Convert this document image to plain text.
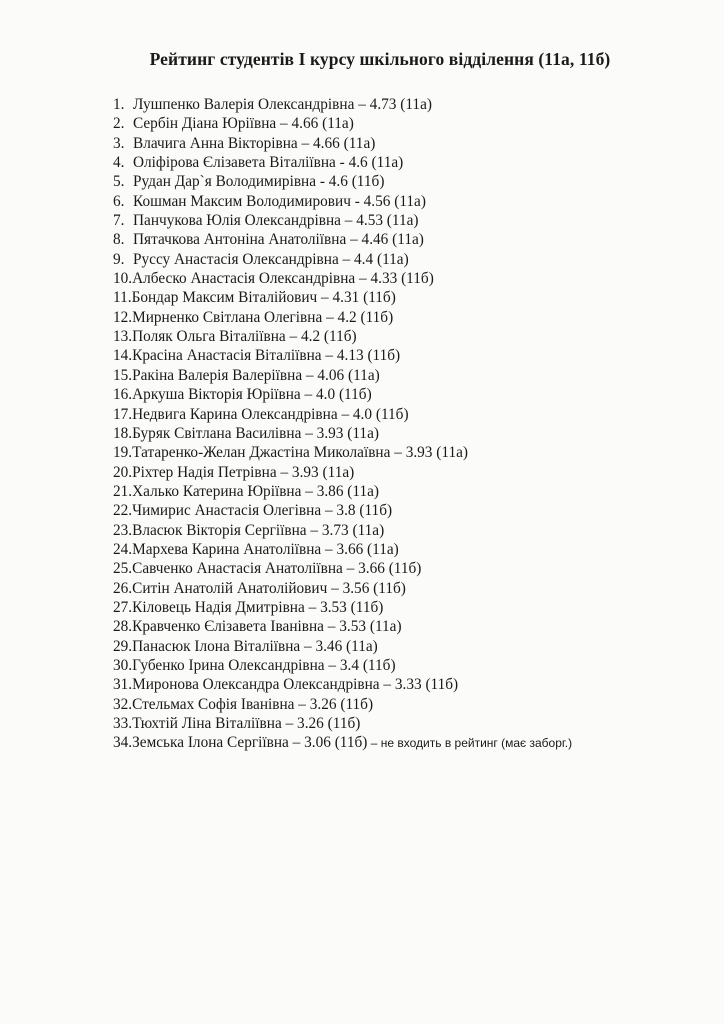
Рейтинг студентів І курсу шкільного відділення (11а, 11б)
1. Лушпенко Валерія Олександрівна – 4.73 (11а)
2. Сербін Діана Юріївна – 4.66 (11а)
3. Влачига Анна Вікторівна – 4.66 (11а)
4. Оліфірова Єлізавета Віталіївна - 4.6 (11а)
5. Рудан Дар`я Володимирівна - 4.6 (11б)
6. Кошман Максим Володимирович - 4.56 (11а)
7. Панчукова Юлія Олександрівна – 4.53 (11а)
8. Пятачкова Антоніна Анатоліївна – 4.46 (11а)
9. Руссу Анастасія Олександрівна – 4.4 (11а)
10.Албеско Анастасія Олександрівна – 4.33 (11б)
11.Бондар Максим Віталійович – 4.31 (11б)
12.Мирненко Світлана Олегівна – 4.2 (11б)
13.Поляк Ольга Віталіївна – 4.2 (11б)
14.Красіна Анастасія Віталіївна – 4.13 (11б)
15.Ракіна Валерія Валеріївна – 4.06 (11а)
16.Аркуша Вікторія Юріївна – 4.0 (11б)
17.Недвига Карина Олександрівна – 4.0 (11б)
18.Буряк Світлана Василівна – 3.93 (11а)
19.Татаренко-Желан Джастіна Миколаївна – 3.93 (11а)
20.Ріхтер Надія Петрівна – 3.93 (11а)
21.Халько Катерина Юріївна – 3.86 (11а)
22.Чимирис Анастасія Олегівна – 3.8 (11б)
23.Власюк Вікторія Сергіївна – 3.73 (11а)
24.Мархева Карина Анатоліївна – 3.66 (11а)
25.Савченко Анастасія Анатоліївна – 3.66 (11б)
26.Ситін Анатолій Анатолійович – 3.56 (11б)
27.Кіловець Надія Дмитрівна – 3.53 (11б)
28.Кравченко Єлізавета Іванівна – 3.53 (11а)
29.Панасюк Ілона Віталіївна – 3.46 (11а)
30.Губенко Ірина Олександрівна – 3.4 (11б)
31.Миронова Олександра Олександрівна – 3.33 (11б)
32.Стельмах Софія Іванівна – 3.26 (11б)
33.Тюхтій Ліна Віталіївна – 3.26 (11б)
34.Земська Ілона Сергіївна – 3.06 (11б) – не входить в рейтинг (має заборг.)
